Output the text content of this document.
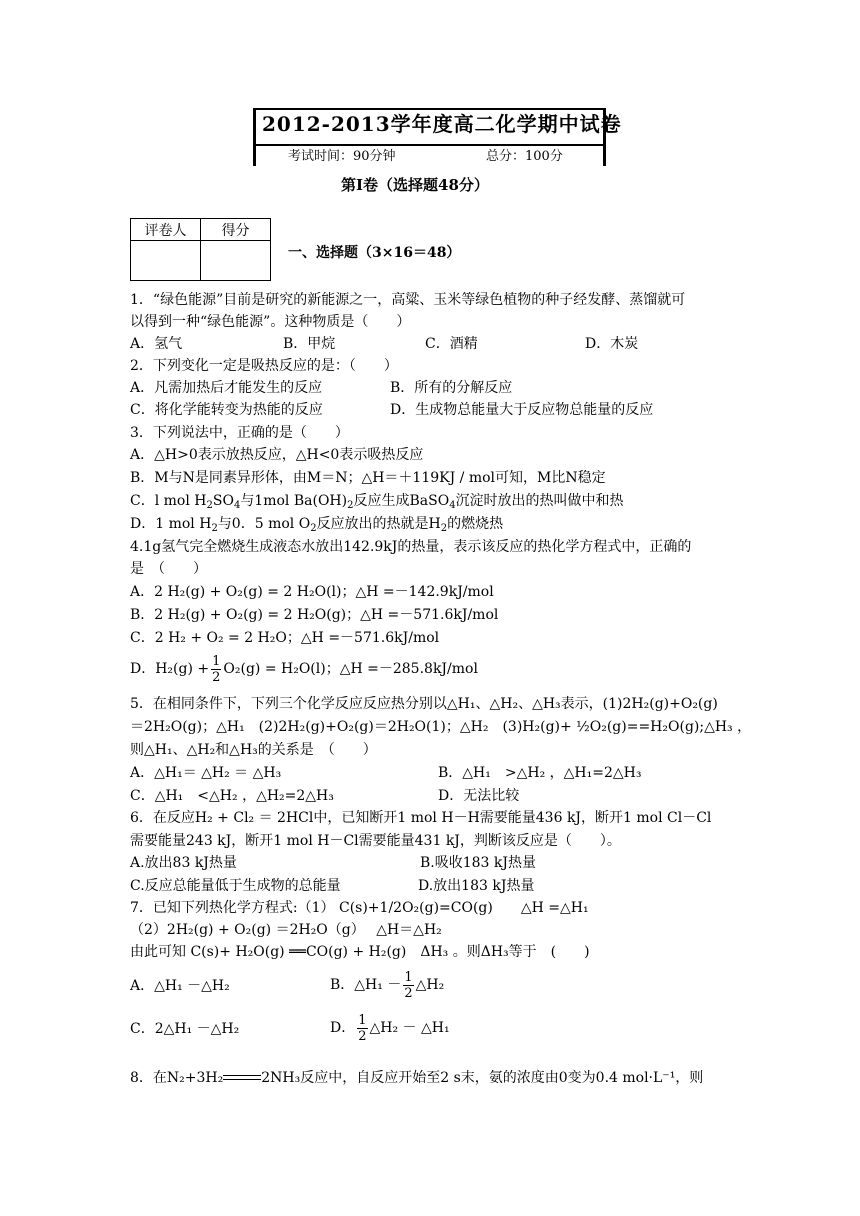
2012-2013学年度高二化学期中试卷
考试时间：90分钟	总分：100分
第Ⅰ卷（选择题48分）
评卷人	得分

一、选择题（3×16＝48）
1．“绿色能源”目前是研究的新能源之一，高粱、玉米等绿色植物的种子经发酵、蒸馏就可
以得到一种“绿色能源”。这种物质是（　　）
A．氢气	B．甲烷	C．酒精	D．木炭
2．下列变化一定是吸热反应的是：（　　）
A．凡需加热后才能发生的反应	B．所有的分解反应
C．将化学能转变为热能的反应	D．生成物总能量大于反应物总能量的反应
3．下列说法中，正确的是（　　）
A．△H>0表示放热反应，△H<0表示吸热反应
B．M与N是同素异形体，由M＝N；△H＝＋119KJ / mol可知，M比N稳定
C．l mol $H_2SO_4$与1mol $Ba(OH)_2$反应生成BaSO$_4$沉淀时放出的热叫做中和热
D．1 mol $H_2$与0．5 mol $O_2$反应放出的热就是$H_2$的燃烧热
4.1g氢气完全燃烧生成液态水放出142.9kJ的热量，表示该反应的热化学方程式中，正确的
是　（　　）
A．2 H₂(g) + O₂(g) = 2 H₂O(l)；△H =－142.9kJ/mol
B．2 H₂(g) + O₂(g) = 2 H₂O(g)；△H =－571.6kJ/mol
C．2 H₂ + O₂ = 2 H₂O；△H =－571.6kJ/mol
D．$H_2(g) + \frac{1}{2} O_2(g) = H_2O(l)$；△H =－285.8kJ/mol
5．在相同条件下，下列三个化学反应反应热分别以△H₁、△H₂、△H₃表示，(1)2H₂(g)+O₂(g)
＝2H₂O(g)；△H₁　(2)2H₂(g)+O₂(g)＝2H₂O(1)；△H₂　(3)H₂(g)+ ½O₂(g)==H₂O(g);△H₃ ，
则△H₁、△H₂和△H₃的关系是　（　　）
A．△H₁＝ △H₂ ＝ △H₃	B．△H₁　>△H₂ ，△H₁=2△H₃
C．△H₁　<△H₂ ，△H₂=2△H₃	D．无法比较
6．在反应H₂ + Cl₂ ＝ 2HCl中，已知断开1 mol H－H需要能量436 kJ，断开1 mol Cl－Cl
需要能量243 kJ，断开1 mol H－Cl需要能量431 kJ，判断该反应是（　　）。
A.放出83 kJ热量	B.吸收183 kJ热量
C.反应总能量低于生成物的总能量	D.放出183 kJ热量
7．已知下列热化学方程式:（1） C(s)+1/2O₂(g)=CO(g)　　△H =△H₁
（2）2H₂(g) + O₂(g) ＝2H₂O（g）　 △H＝△H₂
由此可知 C(s)+ H₂O(g) ══CO(g) + H₂(g)　ΔH₃ 。则ΔH₃等于　(　　)
A．△H₁ －△H₂	B．△H₁ － $\frac{1}{2}$ △H₂
C．2△H₁ －△H₂	D． $\frac{1}{2}$ △H₂ － △H₁
8．在N₂+3H₂	2NH₃反应中，自反应开始至2 s末，氨的浓度由0变为0.4 mol·L⁻¹，则
